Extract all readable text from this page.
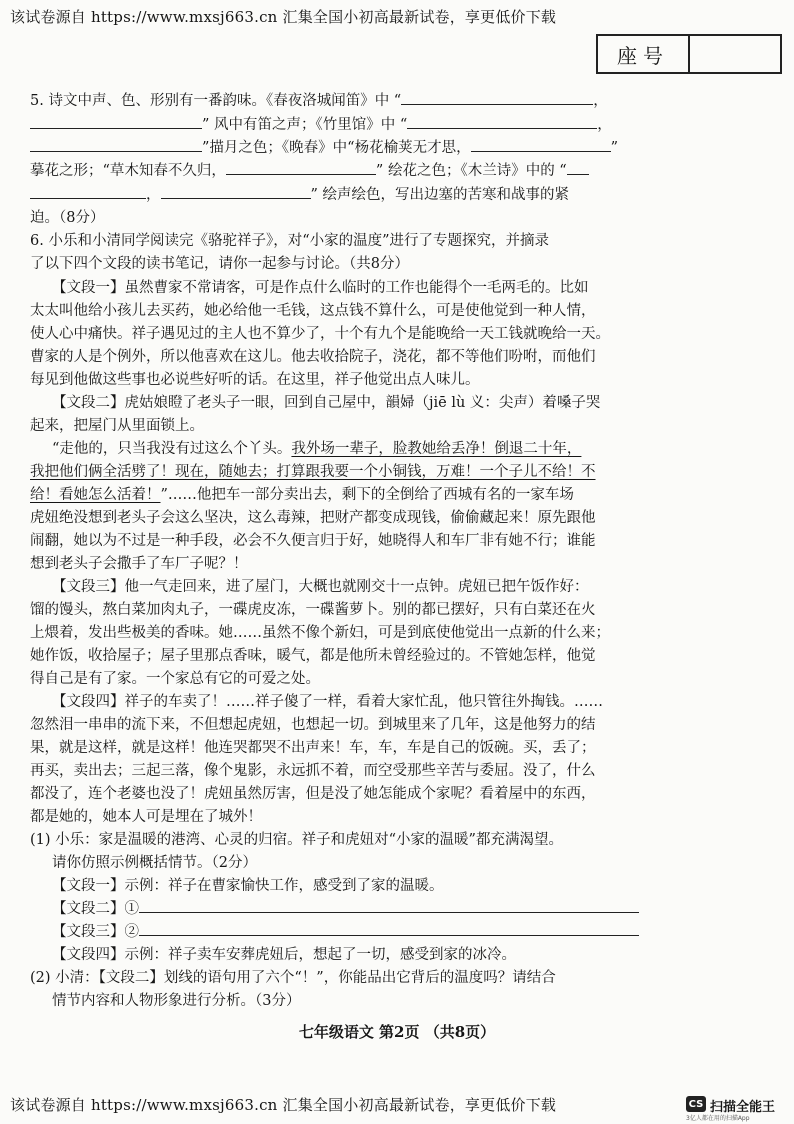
该试卷源自 https://www.mxsj663.cn 汇集全国小初高最新试卷，享更低价下载
座号
5. 诗文中声、色、形别有一番韵味。《春夜洛城闻笛》中 “	，
” 风中有笛之声；《竹里馆》中 “	，
”描月之色；《晚春》中“杨花榆荚无才思，	”
摹花之形；“草木知春不久归，	” 绘花之色；《木兰诗》中的 “
，	” 绘声绘色，写出边塞的苦寒和战事的紧
迫。（8分）
6. 小乐和小清同学阅读完《骆驼祥子》，对“小家的温度”进行了专题探究，并摘录
了以下四个文段的读书笔记，请你一起参与讨论。（共8分）
【文段一】虽然曹家不常请客，可是作点什么临时的工作也能得个一毛两毛的。比如
太太叫他给小孩儿去买药，她必给他一毛钱，这点钱不算什么，可是使他觉到一种人情，
使人心中痛快。祥子遇见过的主人也不算少了，十个有九个是能晚给一天工钱就晚给一天。
曹家的人是个例外，所以他喜欢在这儿。他去收拾院子，浇花，都不等他们吩咐，而他们
每见到他做这些事也必说些好听的话。在这里，祥子他觉出点人味儿。
【文段二】虎姑娘瞪了老头子一眼，回到自己屋中，韻婦（jiē lù 义：尖声）着嗓子哭
起来，把屋门从里面锁上。
“走他的，只当我没有过这么个丫头。我外场一辈子，脸教她给丢净！倒退二十年，
我把他们俩全活劈了！现在，随她去；打算跟我要一个小铜钱，万难！一个子儿不给！不
给！看她怎么活着！”……他把车一部分卖出去，剩下的全倒给了西城有名的一家车场
虎妞绝没想到老头子会这么坚决，这么毒辣，把财产都变成现钱，偷偷藏起来！原先跟他
闹翻，她以为不过是一种手段，必会不久便言归于好，她晓得人和车厂非有她不行；谁能
想到老头子会撒手了车厂子呢？！
【文段三】他一气走回来，进了屋门，大概也就刚交十一点钟。虎妞已把午饭作好：
馏的馒头，熬白菜加肉丸子，一碟虎皮冻，一碟酱萝卜。别的都已摆好，只有白菜还在火
上煨着，发出些极美的香味。她……虽然不像个新妇，可是到底使他觉出一点新的什么来；
她作饭，收拾屋子；屋子里那点香味，暖气，都是他所未曾经验过的。不管她怎样，他觉
得自己是有了家。一个家总有它的可爱之处。
【文段四】祥子的车卖了！……祥子傻了一样，看着大家忙乱，他只管往外掏钱。……
忽然泪一串串的流下来，不但想起虎妞，也想起一切。到城里来了几年，这是他努力的结
果，就是这样，就是这样！他连哭都哭不出声来！车，车，车是自己的饭碗。买，丢了；
再买，卖出去；三起三落，像个鬼影，永远抓不着，而空受那些辛苦与委屈。没了，什么
都没了，连个老婆也没了！虎妞虽然厉害，但是没了她怎能成个家呢？看着屋中的东西，
都是她的，她本人可是埋在了城外！
(1) 小乐：家是温暖的港湾、心灵的归宿。祥子和虎妞对“小家的温暖”都充满渴望。
请你仿照示例概括情节。（2分）
【文段一】示例：祥子在曹家愉快工作，感受到了家的温暖。
【文段二】①
【文段三】②
【文段四】示例：祥子卖车安葬虎妞后，想起了一切，感受到家的冰冷。
(2) 小清：【文段二】划线的语句用了六个“！”，你能品出它背后的温度吗？请结合
情节内容和人物形象进行分析。（3分）
七年级语文 第2页 （共8页）
该试卷源自 https://www.mxsj663.cn 汇集全国小初高最新试卷，享更低价下载	CS 扫描全能王
3亿人都在用的扫描App
